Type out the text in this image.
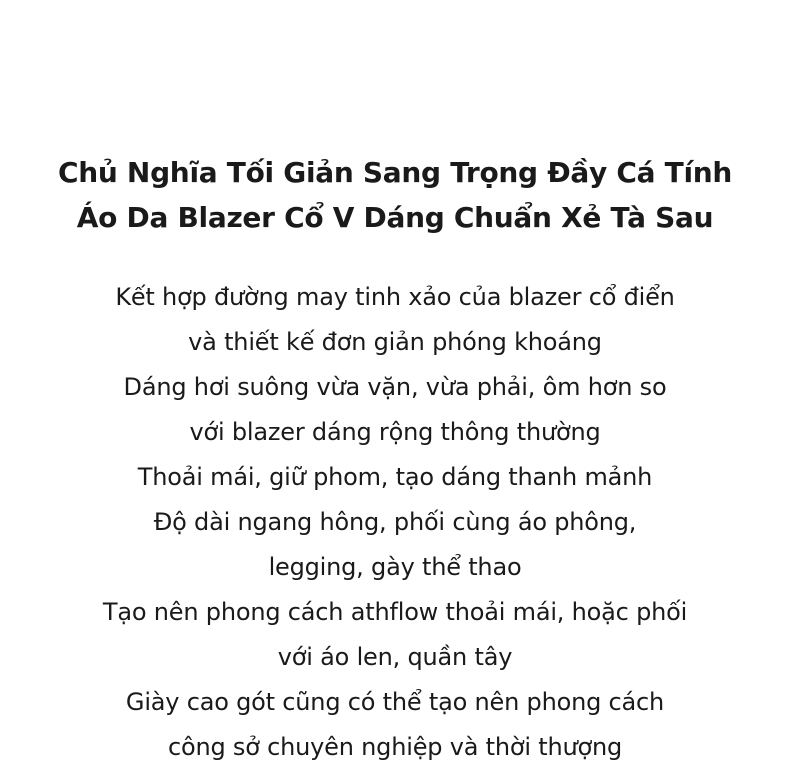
Chủ Nghĩa Tối Giản Sang Trọng Đầy Cá Tính
Áo Da Blazer Cổ V Dáng Chuẩn Xẻ Tà Sau
Kết hợp đường may tinh xảo của blazer cổ điển
và thiết kế đơn giản phóng khoáng
Dáng hơi suông vừa vặn, vừa phải, ôm hơn so
với blazer dáng rộng thông thường
Thoải mái, giữ phom, tạo dáng thanh mảnh
Độ dài ngang hông, phối cùng áo phông,
legging, gày thể thao
Tạo nên phong cách athflow thoải mái, hoặc phối
với áo len, quần tây
Giày cao gót cũng có thể tạo nên phong cách
công sở chuyên nghiệp và thời thượng
